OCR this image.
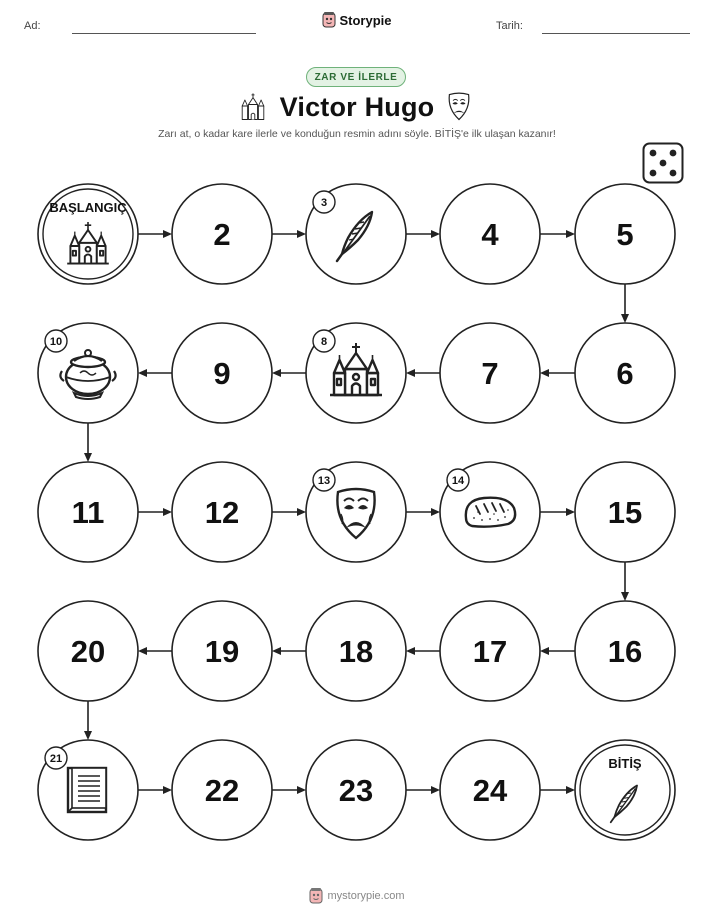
Ad:	Storypie	Tarih:
ZAR VE İLERLE
Victor Hugo
Zarı at, o kadar kare ilerle ve konduğun resmin adını söyle. BİTİŞ'e ilk ulaşan kazanır!
BAŞLANGIÇ
2
3
4	5
6
7
8
9
10
11	12
13	14
15
16
17
18
19
20
21
22	23	24
BİTİŞ
mystorypie.com
